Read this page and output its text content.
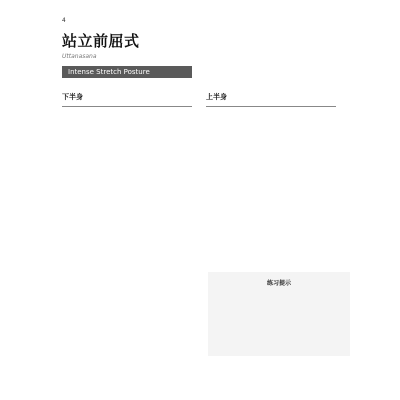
4
站立前屈式
Uttanasana
Intense Stretch Posture

下半身	上半身

练习提示
